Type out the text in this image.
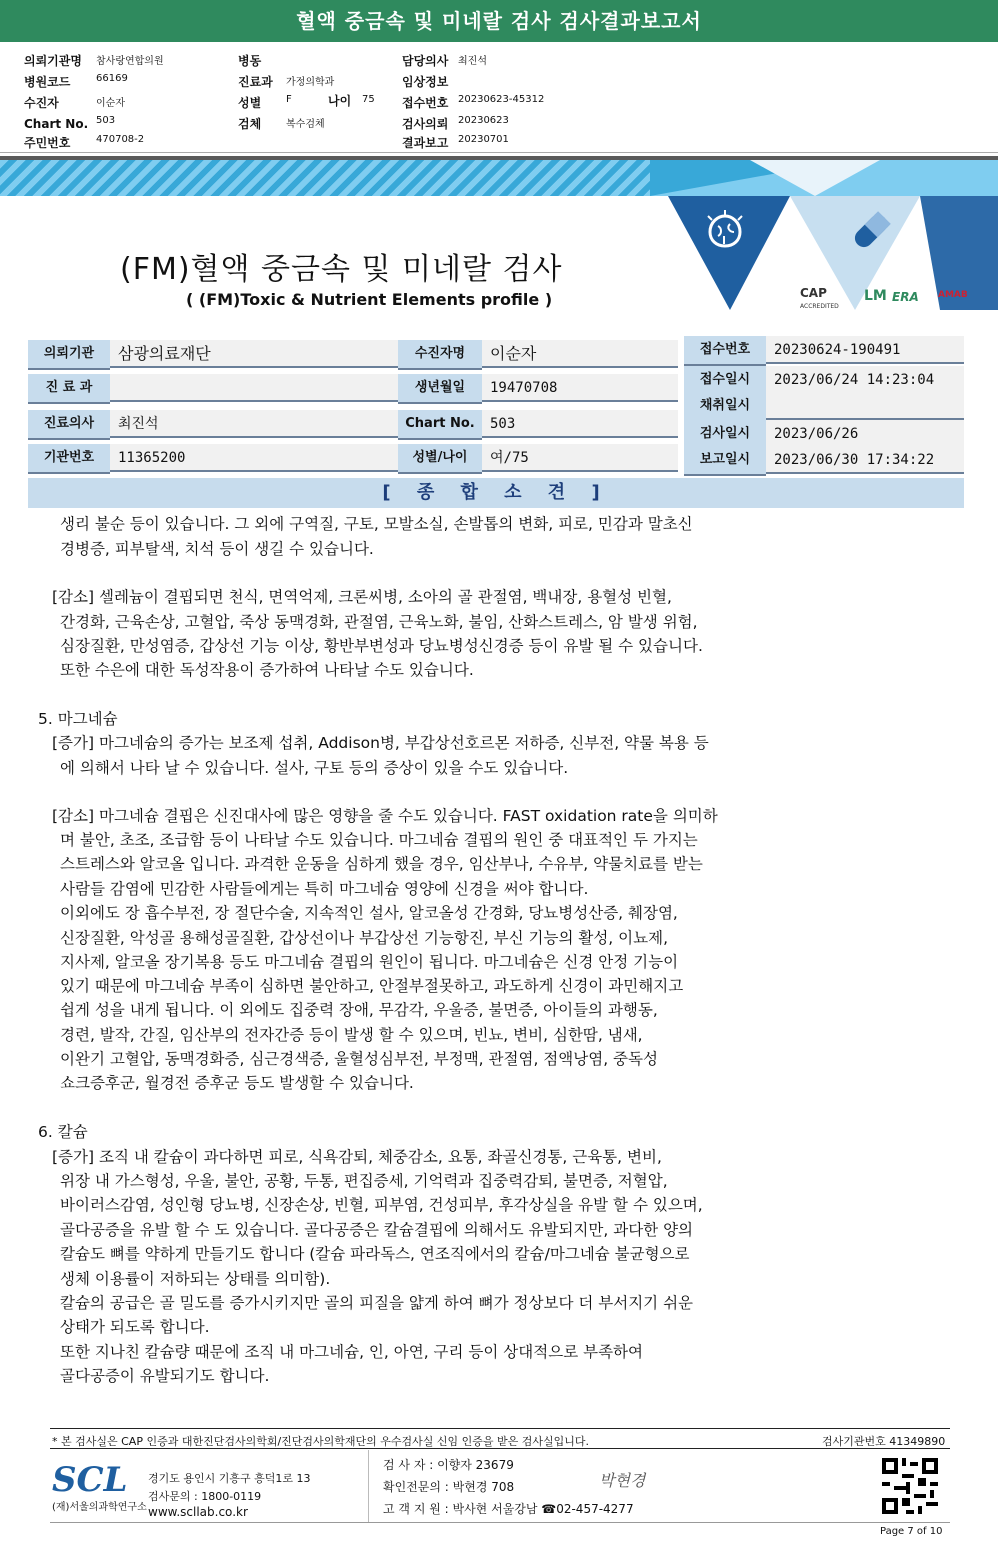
혈액 중금속 및 미네랄 검사 검사결과보고서
의뢰기관명 참사랑연합의원
병원코드	66169
수진자	이순자
Chart No. 503
주민번호	470708-2
병동
진료과 가정의학과
성별 F	나이 75
검체 복수검체
담당의사 최진석
임상정보
접수번호 20230623-45312
검사의뢰 20230623
결과보고 20230701
CAP
ACCREDITED
LM ERA AMAB
(FM)혈액 중금속 및 미네랄 검사
( (FM)Toxic & Nutrient Elements profile )
의뢰기관	삼광의료재단
진 료 과
진료의사	최진석
기관번호	11365200
수진자명	이순자
생년월일	19470708
Chart No.	503
성별/나이	여/75
접수번호	20230624-190491
접수일시	2023/06/24 14:23:04
채취일시
검사일시	2023/06/26
보고일시	2023/06/30 17:34:22
[ 종 합 소 견 ]
생리 불순 등이 있습니다. 그 외에 구역질, 구토, 모발소실, 손발톱의 변화, 피로, 민감과 말초신
경병증, 피부탈색, 치석 등이 생길 수 있습니다.
[감소] 셀레늄이 결핍되면 천식, 면역억제, 크론씨병, 소아의 골 관절염, 백내장, 용혈성 빈혈,
간경화, 근육손상, 고혈압, 죽상 동맥경화, 관절염, 근육노화, 불임, 산화스트레스, 암 발생 위험,
심장질환, 만성염증, 갑상선 기능 이상, 황반부변성과 당뇨병성신경증 등이 유발 될 수 있습니다.
또한 수은에 대한 독성작용이 증가하여 나타날 수도 있습니다.
5. 마그네슘
[증가] 마그네슘의 증가는 보조제 섭취, Addison병, 부갑상선호르몬 저하증, 신부전, 약물 복용 등
에 의해서 나타 날 수 있습니다. 설사, 구토 등의 증상이 있을 수도 있습니다.
[감소] 마그네슘 결핍은 신진대사에 많은 영향을 줄 수도 있습니다. FAST oxidation rate을 의미하
며 불안, 초조, 조급함 등이 나타날 수도 있습니다. 마그네슘 결핍의 원인 중 대표적인 두 가지는
스트레스와 알코올 입니다. 과격한 운동을 심하게 했을 경우, 임산부나, 수유부, 약물치료를 받는
사람들 감염에 민감한 사람들에게는 특히 마그네슘 영양에 신경을 써야 합니다.
이외에도 장 흡수부전, 장 절단수술, 지속적인 설사, 알코올성 간경화, 당뇨병성산증, 췌장염,
신장질환, 악성골 용해성골질환, 갑상선이나 부갑상선 기능항진, 부신 기능의 활성, 이뇨제,
지사제, 알코올 장기복용 등도 마그네슘 결핍의 원인이 됩니다. 마그네슘은 신경 안정 기능이
있기 때문에 마그네슘 부족이 심하면 불안하고, 안절부절못하고, 과도하게 신경이 과민해지고
쉽게 성을 내게 됩니다. 이 외에도 집중력 장애, 무감각, 우울증, 불면증, 아이들의 과행동,
경련, 발작, 간질, 임산부의 전자간증 등이 발생 할 수 있으며, 빈뇨, 변비, 심한땀, 냄새,
이완기 고혈압, 동맥경화증, 심근경색증, 울혈성심부전, 부정맥, 관절염, 점액낭염, 중독성
쇼크증후군, 월경전 증후군 등도 발생할 수 있습니다.
6. 칼슘
[증가] 조직 내 칼슘이 과다하면 피로, 식욕감퇴, 체중감소, 요통, 좌골신경통, 근육통, 변비,
위장 내 가스형성, 우울, 불안, 공황, 두통, 편집증세, 기억력과 집중력감퇴, 불면증, 저혈압,
바이러스감염, 성인형 당뇨병, 신장손상, 빈혈, 피부염, 건성피부, 후각상실을 유발 할 수 있으며,
골다공증을 유발 할 수 도 있습니다. 골다공증은 칼슘결핍에 의해서도 유발되지만, 과다한 양의
칼슘도 뼈를 약하게 만들기도 합니다 (칼슘 파라독스, 연조직에서의 칼슘/마그네슘 불균형으로
생체 이용률이 저하되는 상태를 의미함).
칼슘의 공급은 골 밀도를 증가시키지만 골의 피질을 얇게 하여 뼈가 정상보다 더 부서지기 쉬운
상태가 되도록 합니다.
또한 지나친 칼슘량 때문에 조직 내 마그네슘, 인, 아연, 구리 등이 상대적으로 부족하여
골다공증이 유발되기도 합니다.
* 본 검사실은 CAP 인증과 대한진단검사의학회/진단검사의학재단의 우수검사실 신임 인증을 받은 검사실입니다.	검사기관번호 41349890
SCL
(재)서울의과학연구소
경기도 용인시 기흥구 흥덕1로 13
검사문의 : 1800-0119
www.scllab.co.kr
검 사 자 : 이향자 23679
확인전문의 : 박현경 708
고 객 지 원 : 박사현 서울강남 ☎02-457-4277
박현경
Page 7 of 10
